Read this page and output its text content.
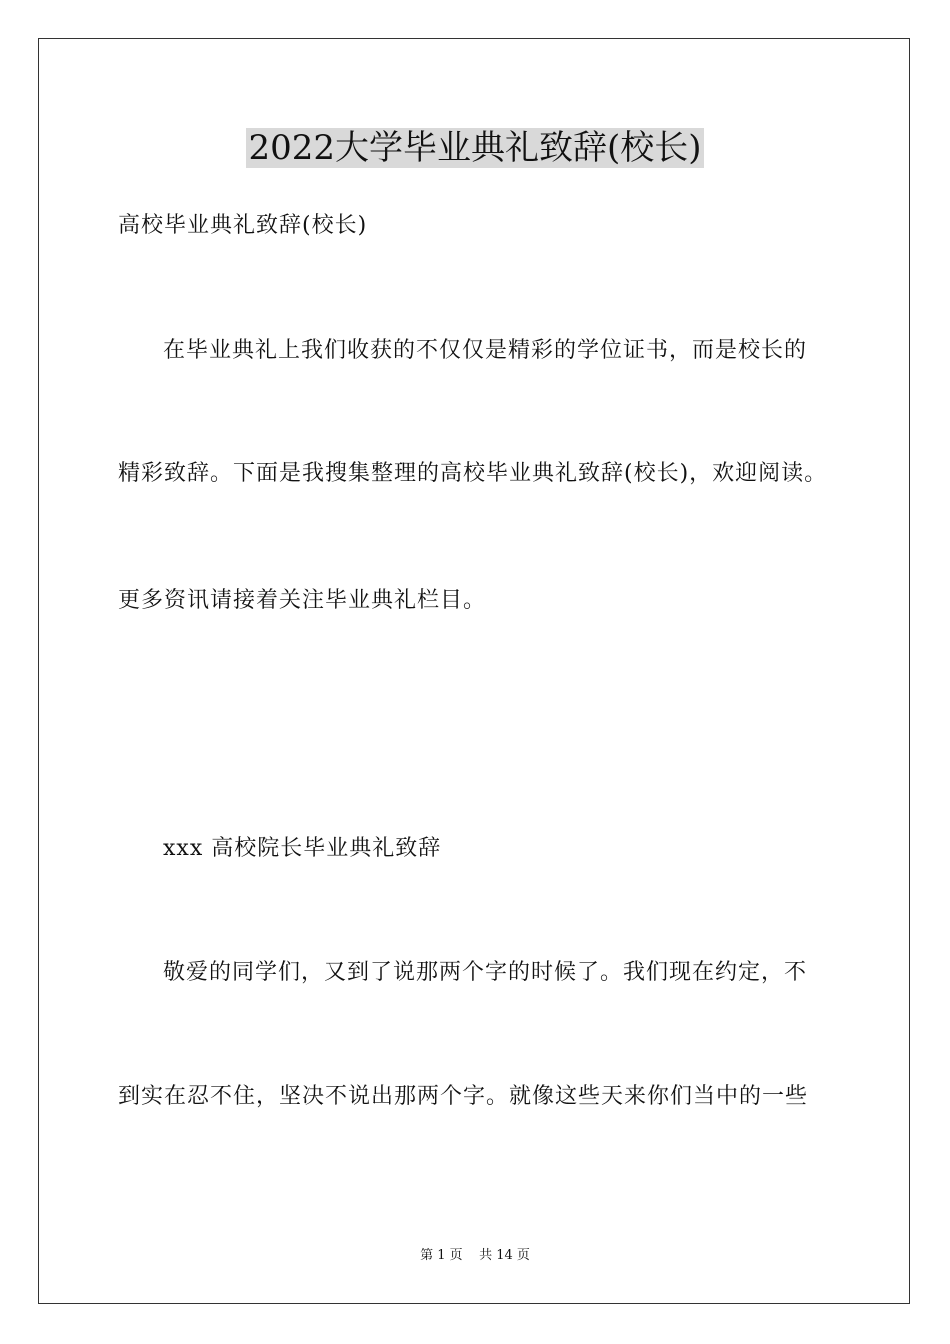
2022大学毕业典礼致辞(校长)
高校毕业典礼致辞(校长)
在毕业典礼上我们收获的不仅仅是精彩的学位证书，而是校长的
精彩致辞。下面是我搜集整理的高校毕业典礼致辞(校长)，欢迎阅读。
更多资讯请接着关注毕业典礼栏目。
xxx 高校院长毕业典礼致辞
敬爱的同学们，又到了说那两个字的时候了。我们现在约定，不
到实在忍不住，坚决不说出那两个字。就像这些天来你们当中的一些
第 1 页    共 14 页
